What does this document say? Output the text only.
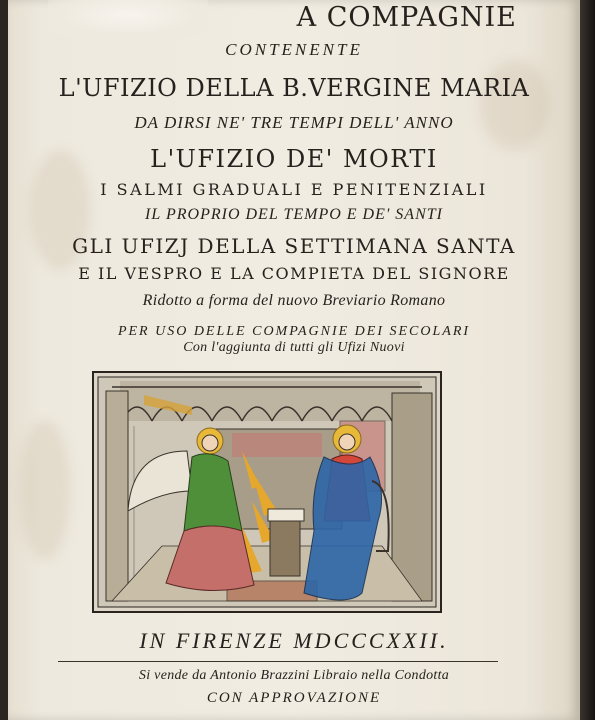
A COMPAGNIE

CONTENENTE

L'UFIZIO DELLA B.VERGINE MARIA

DA DIRSI NE' TRE TEMPI DELL' ANNO

L'UFIZIO DE' MORTI

I SALMI GRADUALI E PENITENZIALI

IL PROPRIO DEL TEMPO E DE' SANTI

GLI UFIZJ DELLA SETTIMANA SANTA

E IL VESPRO E LA COMPIETA DEL SIGNORE

Ridotto a forma del nuovo Breviario Romano

PER USO DELLE COMPAGNIE DEI SECOLARI

Con l'aggiunta di tutti gli Ufizi Nuovi

IN FIRENZE MDCCCXXII.

Si vende da Antonio Brazzini Libraio nella Condotta

CON APPROVAZIONE
